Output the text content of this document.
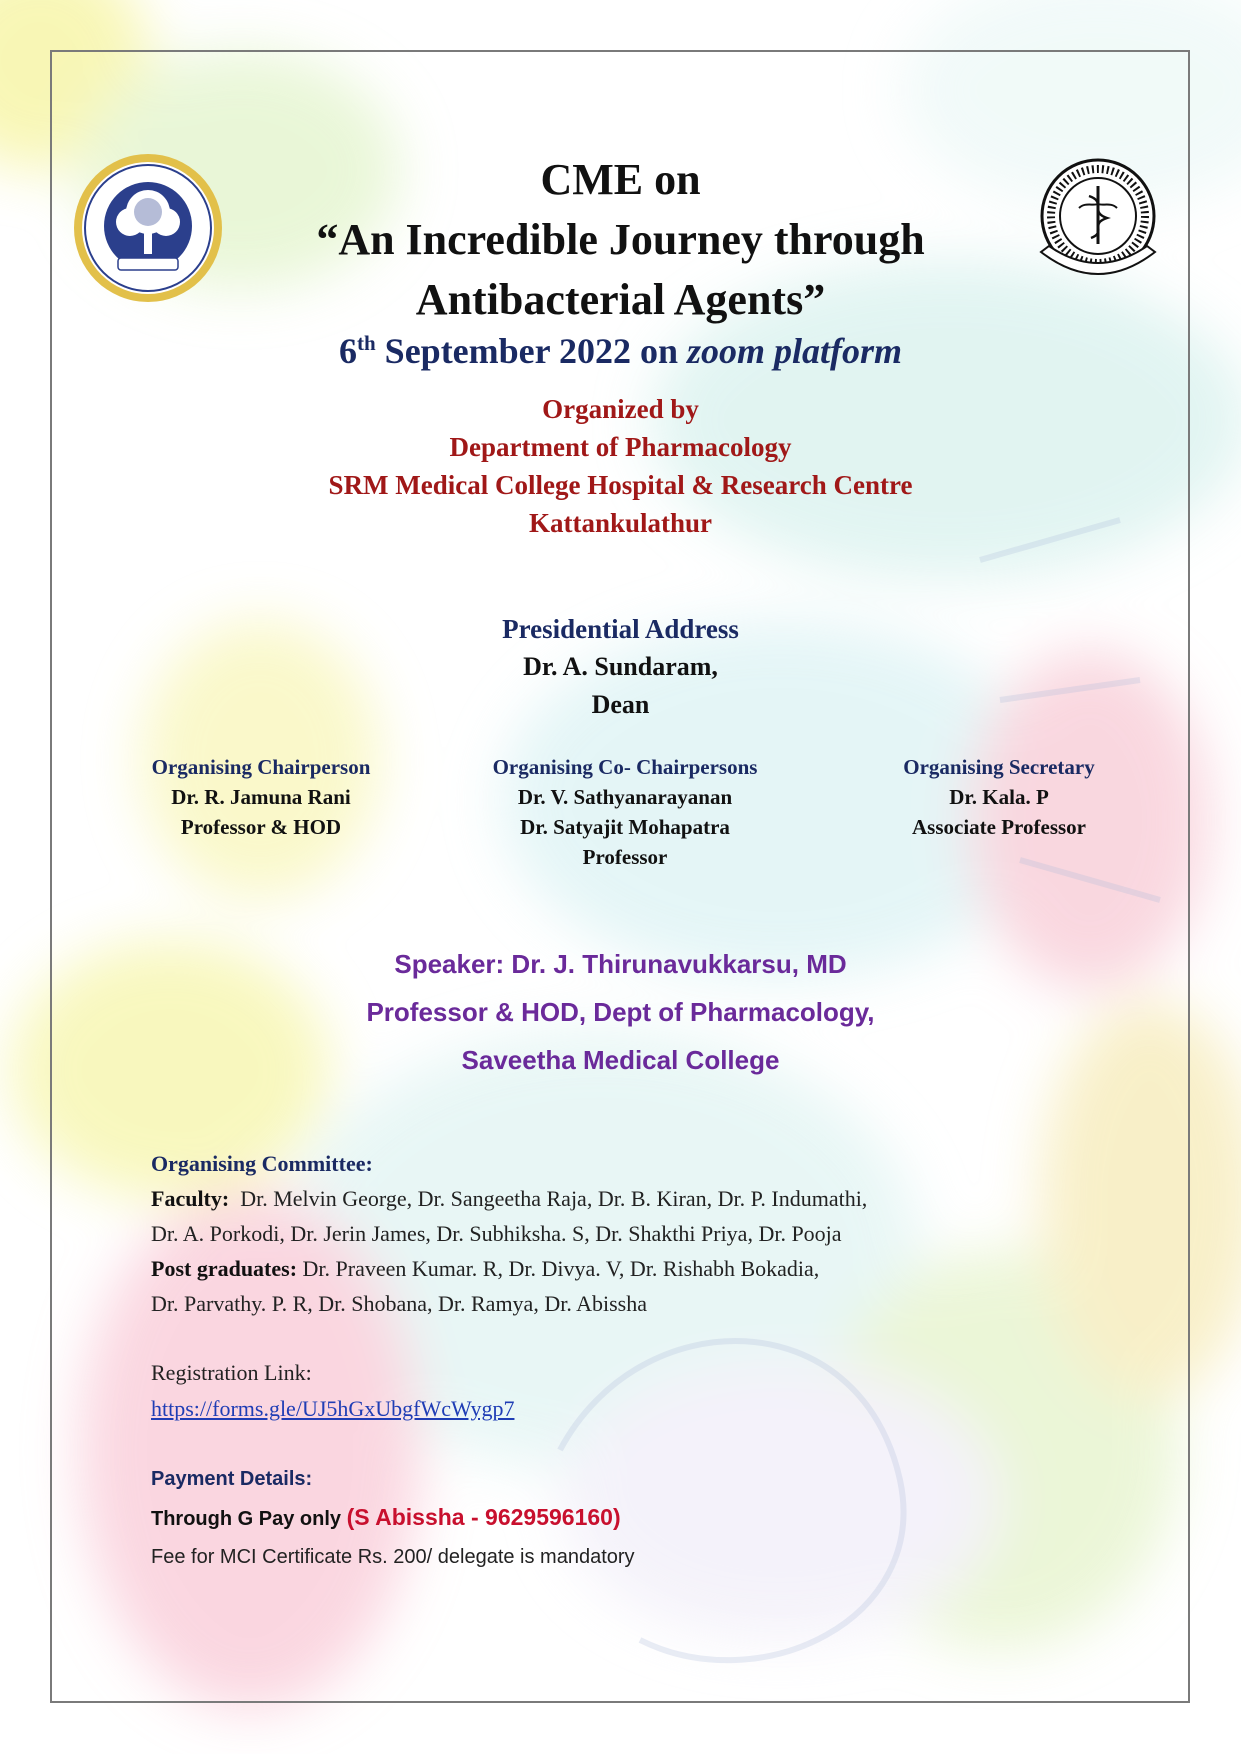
CME on
“An Incredible Journey through
Antibacterial Agents”
6th September 2022 on zoom platform
Organized by
Department of Pharmacology
SRM Medical College Hospital & Research Centre
Kattankulathur
Presidential Address
Dr. A. Sundaram,
Dean
Organising Chairperson
Dr. R. Jamuna Rani
Professor & HOD
Organising Co- Chairpersons
Dr. V. Sathyanarayanan
Dr. Satyajit Mohapatra
Professor
Organising Secretary
Dr. Kala. P
Associate Professor
Speaker: Dr. J. Thirunavukkarsu, MD
Professor & HOD, Dept of Pharmacology,
Saveetha Medical College
Organising Committee:
Faculty: Dr. Melvin George, Dr. Sangeetha Raja, Dr. B. Kiran, Dr. P. Indumathi,
Dr. A. Porkodi, Dr. Jerin James, Dr. Subhiksha. S, Dr. Shakthi Priya, Dr. Pooja
Post graduates: Dr. Praveen Kumar. R, Dr. Divya. V, Dr. Rishabh Bokadia,
Dr. Parvathy. P. R, Dr. Shobana, Dr. Ramya, Dr. Abissha
Registration Link:
https://forms.gle/UJ5hGxUbgfWcWygp7
Payment Details:
Through G Pay only (S Abissha - 9629596160)
Fee for MCI Certificate Rs. 200/ delegate is mandatory
